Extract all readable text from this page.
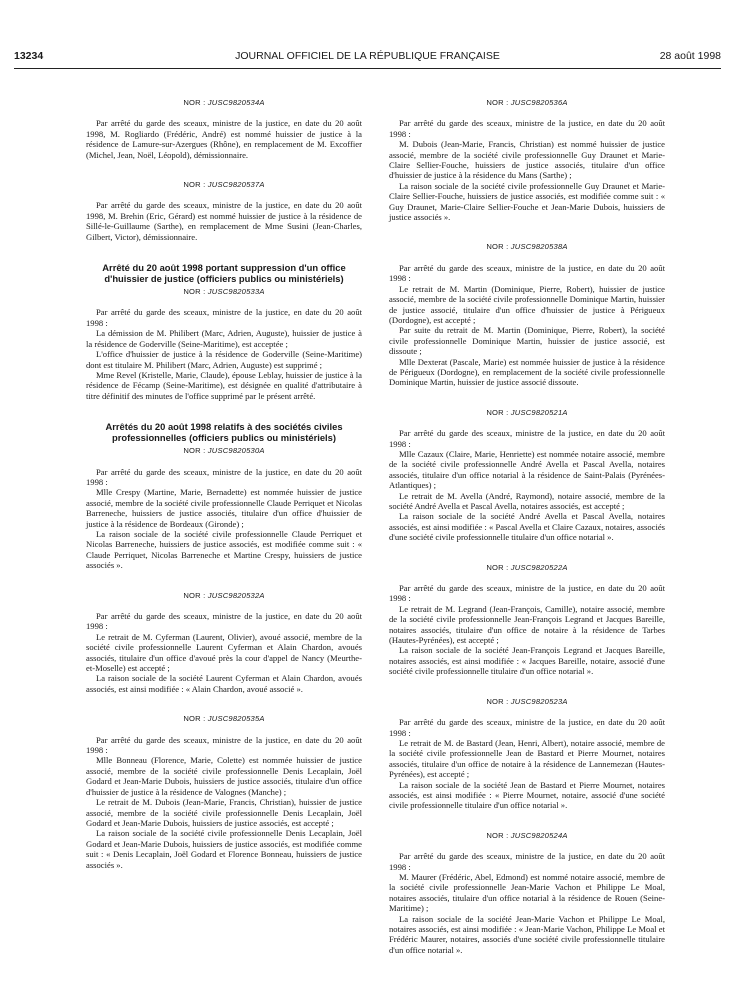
13234	JOURNAL OFFICIEL DE LA RÉPUBLIQUE FRANÇAISE	28 août 1998
NOR : JUSC9820534A

Par arrêté du garde des sceaux, ministre de la justice, en date du 20 août 1998, M. Rogliardo (Frédéric, André) est nommé huissier de justice à la résidence de Lamure-sur-Azergues (Rhône), en remplacement de M. Excoffier (Michel, Jean, Noël, Léopold), démissionnaire.

NOR : JUSC9820537A

Par arrêté du garde des sceaux, ministre de la justice, en date du 20 août 1998, M. Brehin (Eric, Gérard) est nommé huissier de justice à la résidence de Sillé-le-Guillaume (Sarthe), en remplacement de Mme Susini (Jean-Charles, Gilbert, Victor), démissionnaire.

Arrêté du 20 août 1998 portant suppression d'un office d'huissier de justice (officiers publics ou ministériels)
NOR : JUSC9820533A

Par arrêté du garde des sceaux, ministre de la justice, en date du 20 août 1998 :

La démission de M. Philibert (Marc, Adrien, Auguste), huissier de justice à la résidence de Goderville (Seine-Maritime), est acceptée ;

L'office d'huissier de justice à la résidence de Goderville (Seine-Maritime) dont est titulaire M. Philibert (Marc, Adrien, Auguste) est supprimé ;

Mme Revel (Kristelle, Marie, Claude), épouse Leblay, huissier de justice à la résidence de Fécamp (Seine-Maritime), est désignée en qualité d'attributaire à titre définitif des minutes de l'office supprimé par le présent arrêté.

Arrêtés du 20 août 1998 relatifs à des sociétés civiles professionnelles (officiers publics ou ministériels)
NOR : JUSC9820530A

Par arrêté du garde des sceaux, ministre de la justice, en date du 20 août 1998 :

Mlle Crespy (Martine, Marie, Bernadette) est nommée huissier de justice associé, membre de la société civile professionnelle Claude Perriquet et Nicolas Barreneche, huissiers de justice associés, titulaire d'un office d'huissier de justice à la résidence de Bordeaux (Gironde) ;

La raison sociale de la société civile professionnelle Claude Perriquet et Nicolas Barreneche, huissiers de justice associés, est modifiée comme suit : « Claude Perriquet, Nicolas Barreneche et Martine Crespy, huissiers de justice associés ».

NOR : JUSC9820532A

Par arrêté du garde des sceaux, ministre de la justice, en date du 20 août 1998 :

Le retrait de M. Cyferman (Laurent, Olivier), avoué associé, membre de la société civile professionnelle Laurent Cyferman et Alain Chardon, avoués associés, titulaire d'un office d'avoué près la cour d'appel de Nancy (Meurthe-et-Moselle) est accepté ;

La raison sociale de la société Laurent Cyferman et Alain Chardon, avoués associés, est ainsi modifiée : « Alain Chardon, avoué associé ».

NOR : JUSC9820535A

Par arrêté du garde des sceaux, ministre de la justice, en date du 20 août 1998 :

Mlle Bonneau (Florence, Marie, Colette) est nommée huissier de justice associé, membre de la société civile professionnelle Denis Lecaplain, Joël Godard et Jean-Marie Dubois, huissiers de justice associés, titulaire d'un office d'huissier de justice à la résidence de Valognes (Manche) ;

Le retrait de M. Dubois (Jean-Marie, Francis, Christian), huissier de justice associé, membre de la société civile professionnelle Denis Lecaplain, Joël Godard et Jean-Marie Dubois, huissiers de justice associés, est accepté ;

La raison sociale de la société civile professionnelle Denis Lecaplain, Joël Godard et Jean-Marie Dubois, huissiers de justice associés, est modifiée comme suit : « Denis Lecaplain, Joël Godard et Florence Bonneau, huissiers de justice associés ».

NOR : JUSC9820536A

Par arrêté du garde des sceaux, ministre de la justice, en date du 20 août 1998 :

M. Dubois (Jean-Marie, Francis, Christian) est nommé huissier de justice associé, membre de la société civile professionnelle Guy Draunet et Marie-Claire Sellier-Fouche, huissiers de justice associés, titulaire d'un office d'huissier de justice à la résidence du Mans (Sarthe) ;

La raison sociale de la société civile professionnelle Guy Draunet et Marie-Claire Sellier-Fouche, huissiers de justice associés, est modifiée comme suit : « Guy Draunet, Marie-Claire Sellier-Fouche et Jean-Marie Dubois, huissiers de justice associés ».

NOR : JUSC9820538A

Par arrêté du garde des sceaux, ministre de la justice, en date du 20 août 1998 :

Le retrait de M. Martin (Dominique, Pierre, Robert), huissier de justice associé, membre de la société civile professionnelle Dominique Martin, huissier de justice associé, titulaire d'un office d'huissier de justice à Périgueux (Dordogne), est accepté ;

Par suite du retrait de M. Martin (Dominique, Pierre, Robert), la société civile professionnelle Dominique Martin, huissier de justice associé, est dissoute ;

Mlle Dexterat (Pascale, Marie) est nommée huissier de justice à la résidence de Périgueux (Dordogne), en remplacement de la société civile professionnelle Dominique Martin, huissier de justice associé dissoute.

NOR : JUSC9820521A

Par arrêté du garde des sceaux, ministre de la justice, en date du 20 août 1998 :

Mlle Cazaux (Claire, Marie, Henriette) est nommée notaire associé, membre de la société civile professionnelle André Avella et Pascal Avella, notaires associés, titulaire d'un office notarial à la résidence de Saint-Palais (Pyrénées-Atlantiques) ;

Le retrait de M. Avella (André, Raymond), notaire associé, membre de la société André Avella et Pascal Avella, notaires associés, est accepté ;

La raison sociale de la société André Avella et Pascal Avella, notaires associés, est ainsi modifiée : « Pascal Avella et Claire Cazaux, notaires, associés d'une société civile professionnelle titulaire d'un office notarial ».

NOR : JUSC9820522A

Par arrêté du garde des sceaux, ministre de la justice, en date du 20 août 1998 :

Le retrait de M. Legrand (Jean-François, Camille), notaire associé, membre de la société civile professionnelle Jean-François Legrand et Jacques Bareille, notaires associés, titulaire d'un office de notaire à la résidence de Tarbes (Hautes-Pyrénées), est accepté ;

La raison sociale de la société Jean-François Legrand et Jacques Bareille, notaires associés, est ainsi modifiée : « Jacques Bareille, notaire, associé d'une société civile professionnelle titulaire d'un office notarial ».

NOR : JUSC9820523A

Par arrêté du garde des sceaux, ministre de la justice, en date du 20 août 1998 :

Le retrait de M. de Bastard (Jean, Henri, Albert), notaire associé, membre de la société civile professionnelle Jean de Bastard et Pierre Mournet, notaires associés, titulaire d'un office de notaire à la résidence de Lannemezan (Hautes-Pyrénées), est accepté ;

La raison sociale de la société Jean de Bastard et Pierre Mournet, notaires associés, est ainsi modifiée : « Pierre Mournet, notaire, associé d'une société civile professionnelle titulaire d'un office notarial ».

NOR : JUSC9820524A

Par arrêté du garde des sceaux, ministre de la justice, en date du 20 août 1998 :

M. Maurer (Frédéric, Abel, Edmond) est nommé notaire associé, membre de la société civile professionnelle Jean-Marie Vachon et Philippe Le Moal, notaires associés, titulaire d'un office notarial à la résidence de Rouen (Seine-Maritime) ;

La raison sociale de la société Jean-Marie Vachon et Philippe Le Moal, notaires associés, est ainsi modifiée : « Jean-Marie Vachon, Philippe Le Moal et Frédéric Maurer, notaires, associés d'une société civile professionnelle titulaire d'un office notarial ».
